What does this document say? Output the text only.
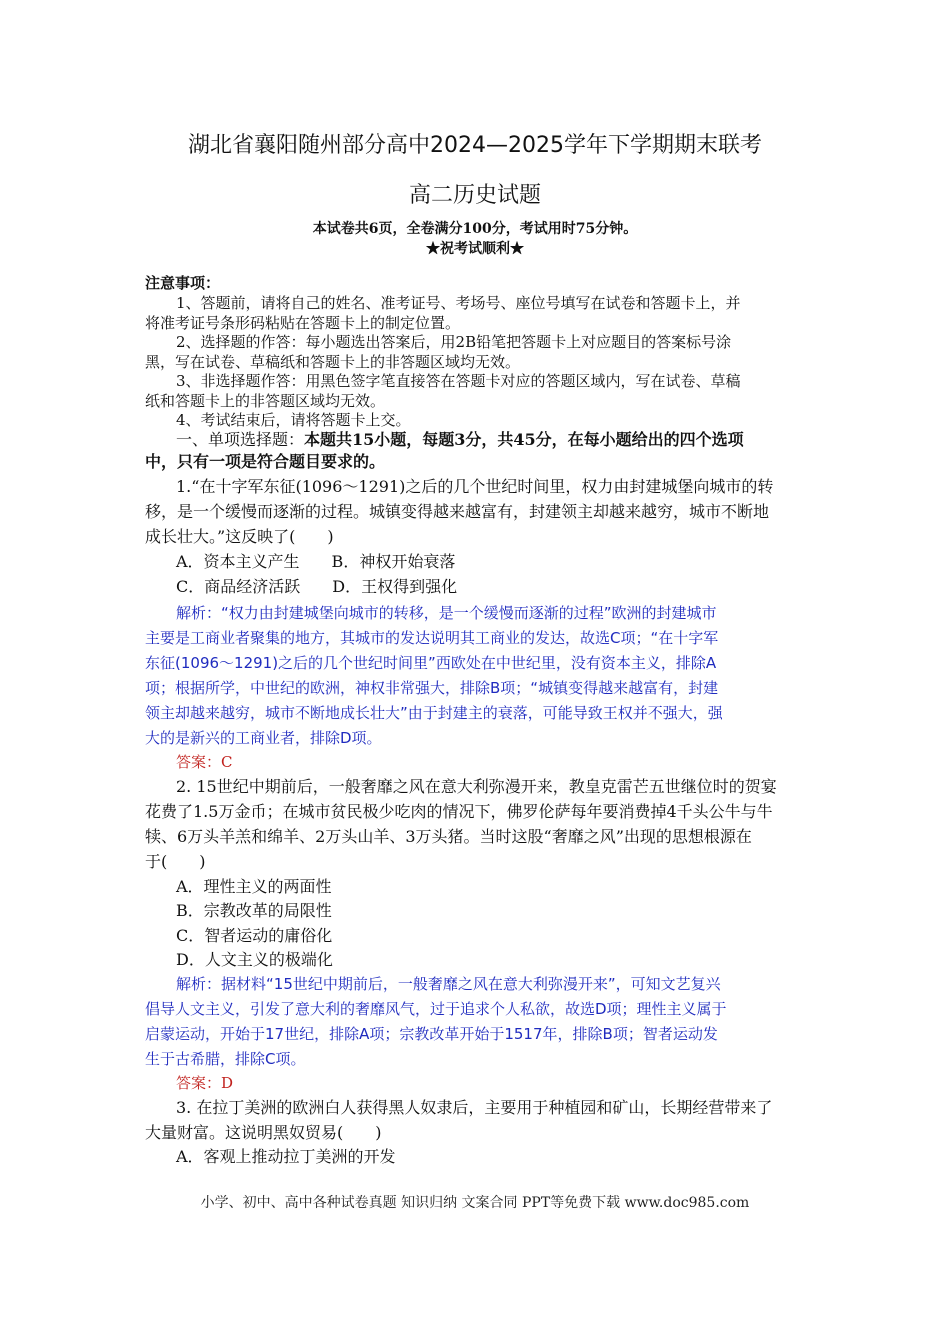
湖北省襄阳随州部分高中2024—2025学年下学期期末联考
高二历史试题
本试卷共6页，全卷满分100分，考试用时75分钟。
★祝考试顺利★
注意事项：
1、答题前，请将自己的姓名、准考证号、考场号、座位号填写在试卷和答题卡上，并
将准考证号条形码粘贴在答题卡上的制定位置。
2、选择题的作答：每小题选出答案后，用2B铅笔把答题卡上对应题目的答案标号涂
黑，写在试卷、草稿纸和答题卡上的非答题区域均无效。
3、非选择题作答：用黑色签字笔直接答在答题卡对应的答题区域内，写在试卷、草稿
纸和答题卡上的非答题区域均无效。
4、考试结束后，请将答题卡上交。
一、单项选择题：本题共15小题，每题3分，共45分，在每小题给出的四个选项
中，只有一项是符合题目要求的。
1.“在十字军东征(1096～1291)之后的几个世纪时间里，权力由封建城堡向城市的转
移，是一个缓慢而逐渐的过程。城镇变得越来越富有，封建领主却越来越穷，城市不断地
成长壮大。”这反映了(　　)
A．资本主义产生　　B．神权开始衰落
C．商品经济活跃　　D．王权得到强化
解析：“权力由封建城堡向城市的转移，是一个缓慢而逐渐的过程”欧洲的封建城市
主要是工商业者聚集的地方，其城市的发达说明其工商业的发达，故选C项；“在十字军
东征(1096～1291)之后的几个世纪时间里”西欧处在中世纪里，没有资本主义，排除A
项；根据所学，中世纪的欧洲，神权非常强大，排除B项；“城镇变得越来越富有，封建
领主却越来越穷，城市不断地成长壮大”由于封建主的衰落，可能导致王权并不强大，强
大的是新兴的工商业者，排除D项。
答案：C
2. 15世纪中期前后，一般奢靡之风在意大利弥漫开来，教皇克雷芒五世继位时的贺宴
花费了1.5万金币；在城市贫民极少吃肉的情况下，佛罗伦萨每年要消费掉4千头公牛与牛
犊、6万头羊羔和绵羊、2万头山羊、3万头猪。当时这股“奢靡之风”出现的思想根源在
于(　　)
A．理性主义的两面性
B．宗教改革的局限性
C．智者运动的庸俗化
D．人文主义的极端化
解析：据材料“15世纪中期前后，一般奢靡之风在意大利弥漫开来”，可知文艺复兴
倡导人文主义，引发了意大利的奢靡风气，过于追求个人私欲，故选D项；理性主义属于
启蒙运动，开始于17世纪，排除A项；宗教改革开始于1517年，排除B项；智者运动发
生于古希腊，排除C项。
答案：D
3. 在拉丁美洲的欧洲白人获得黑人奴隶后，主要用于种植园和矿山，长期经营带来了
大量财富。这说明黑奴贸易(　　)
A．客观上推动拉丁美洲的开发
小学、初中、高中各种试卷真题 知识归纳 文案合同 PPT等免费下载 www.doc985.com
